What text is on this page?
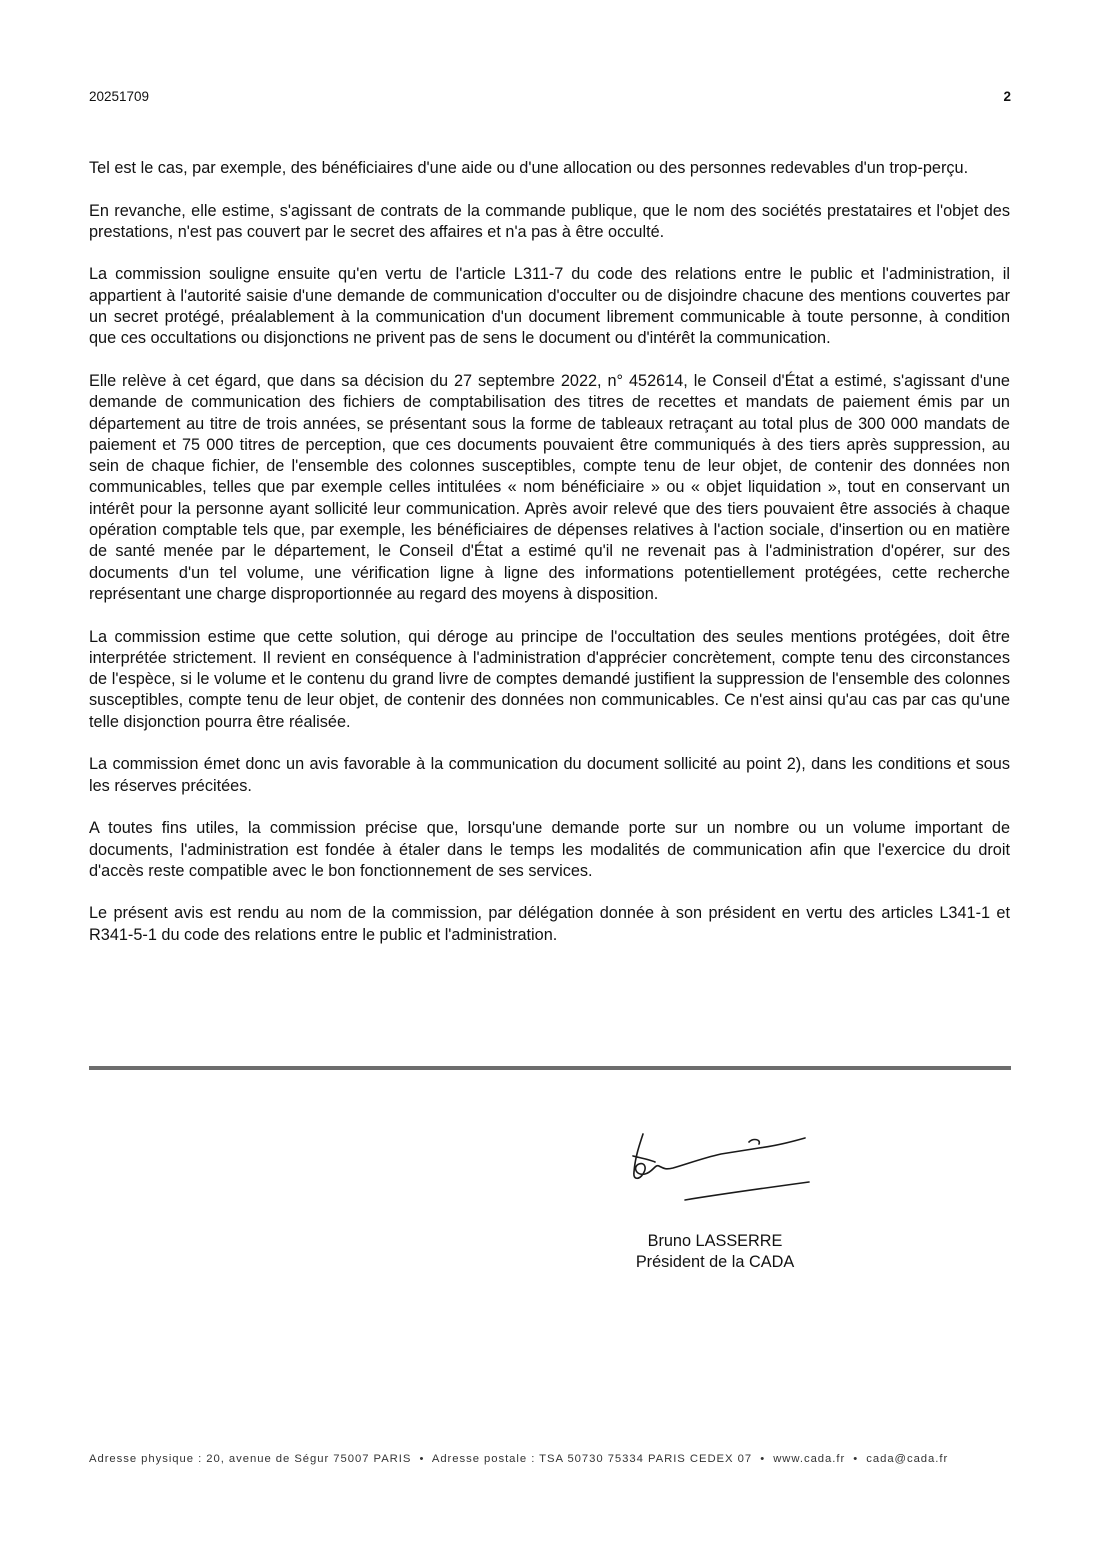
20251709	2

Tel est le cas, par exemple, des bénéficiaires d'une aide ou d'une allocation ou des personnes redevables d'un trop-perçu.

En revanche, elle estime, s'agissant de contrats de la commande publique, que le nom des sociétés prestataires et l'objet des prestations, n'est pas couvert par le secret des affaires et n'a pas à être occulté.

La commission souligne ensuite qu'en vertu de l'article L311-7 du code des relations entre le public et l'administration, il appartient à l'autorité saisie d'une demande de communication d'occulter ou de disjoindre chacune des mentions couvertes par un secret protégé, préalablement à la communication d'un document librement communicable à toute personne, à condition que ces occultations ou disjonctions ne privent pas de sens le document ou d'intérêt la communication.

Elle relève à cet égard, que dans sa décision du 27 septembre 2022, n° 452614, le Conseil d'État a estimé, s'agissant d'une demande de communication des fichiers de comptabilisation des titres de recettes et mandats de paiement émis par un département au titre de trois années, se présentant sous la forme de tableaux retraçant au total plus de 300 000 mandats de paiement et 75 000 titres de perception, que ces documents pouvaient être communiqués à des tiers après suppression, au sein de chaque fichier, de l'ensemble des colonnes susceptibles, compte tenu de leur objet, de contenir des données non communicables, telles que par exemple celles intitulées « nom bénéficiaire » ou « objet liquidation », tout en conservant un intérêt pour la personne ayant sollicité leur communication. Après avoir relevé que des tiers pouvaient être associés à chaque opération comptable tels que, par exemple, les bénéficiaires de dépenses relatives à l'action sociale, d'insertion ou en matière de santé menée par le département, le Conseil d'État a estimé qu'il ne revenait pas à l'administration d'opérer, sur des documents d'un tel volume, une vérification ligne à ligne des informations potentiellement protégées, cette recherche représentant une charge disproportionnée au regard des moyens à disposition.

La commission estime que cette solution, qui déroge au principe de l'occultation des seules mentions protégées, doit être interprétée strictement. Il revient en conséquence à l'administration d'apprécier concrètement, compte tenu des circonstances de l'espèce, si le volume et le contenu du grand livre de comptes demandé justifient la suppression de l'ensemble des colonnes susceptibles, compte tenu de leur objet, de contenir des données non communicables. Ce n'est ainsi qu'au cas par cas qu'une telle disjonction pourra être réalisée.

La commission émet donc un avis favorable à la communication du document sollicité au point 2), dans les conditions et sous les réserves précitées.

A toutes fins utiles, la commission précise que, lorsqu'une demande porte sur un nombre ou un volume important de documents, l'administration est fondée à étaler dans le temps les modalités de communication afin que l'exercice du droit d'accès reste compatible avec le bon fonctionnement de ses services.

Le présent avis est rendu au nom de la commission, par délégation donnée à son président en vertu des articles L341-1 et R341-5-1 du code des relations entre le public et l'administration.

Bruno LASSERRE
Président de la CADA
Adresse physique : 20, avenue de Ségur 75007 PARIS • Adresse postale : TSA 50730 75334 PARIS CEDEX 07 • www.cada.fr • cada@cada.fr
